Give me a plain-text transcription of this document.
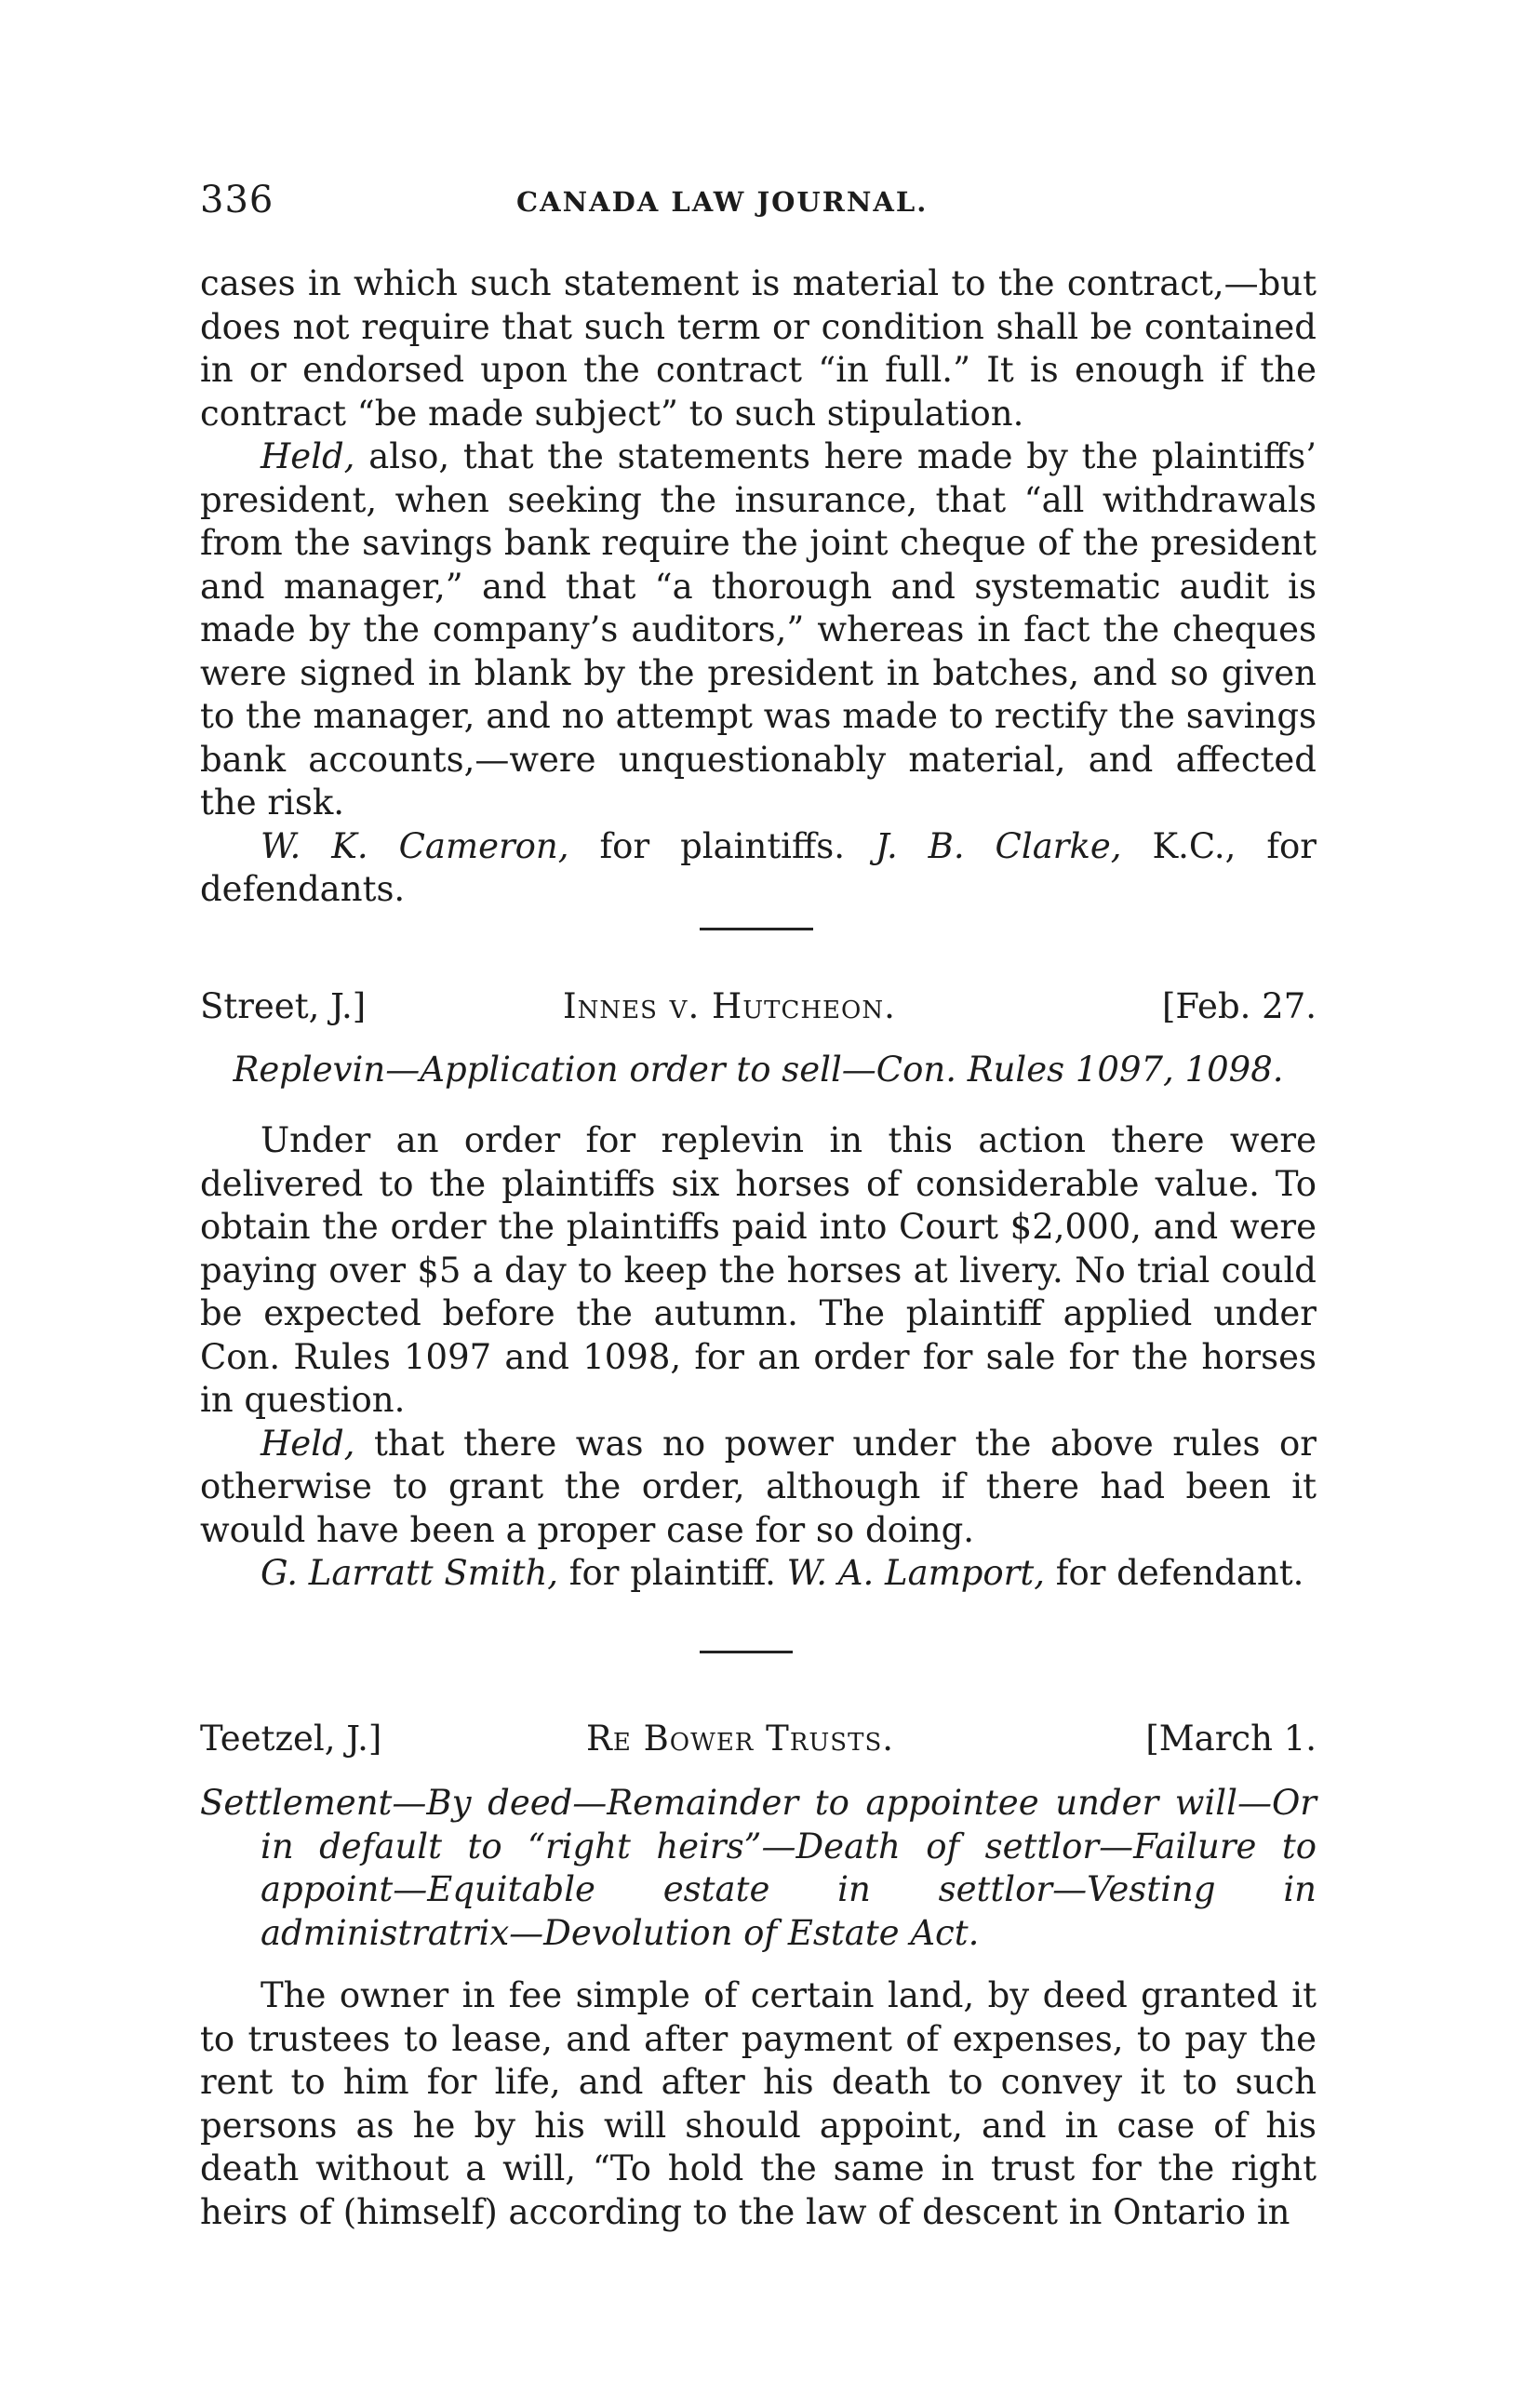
336	CANADA LAW JOURNAL.

cases in which such statement is material to the contract,—but does not require that such term or condition shall be contained in or endorsed upon the contract “in full.” It is enough if the contract “be made subject” to such stipulation.

Held, also, that the statements here made by the plaintiffs’ president, when seeking the insurance, that “all withdrawals from the savings bank require the joint cheque of the president and manager,” and that “a thorough and systematic audit is made by the company’s auditors,” whereas in fact the cheques were signed in blank by the president in batches, and so given to the manager, and no attempt was made to rectify the savings bank accounts,—were unquestionably material, and affected the risk.

W. K. Cameron, for plaintiffs. J. B. Clarke, K.C., for defendants.

Street, J.]	Innes v. Hutcheon.	[Feb. 27.
Replevin—Application order to sell—Con. Rules 1097, 1098.

Under an order for replevin in this action there were delivered to the plaintiffs six horses of considerable value. To obtain the order the plaintiffs paid into Court $2,000, and were paying over $5 a day to keep the horses at livery. No trial could be expected before the autumn. The plaintiff applied under Con. Rules 1097 and 1098, for an order for sale for the horses in question.

Held, that there was no power under the above rules or otherwise to grant the order, although if there had been it would have been a proper case for so doing.

G. Larratt Smith, for plaintiff. W. A. Lamport, for defendant.

Teetzel, J.]	Re Bower Trusts.	[March 1.

Settlement—By deed—Remainder to appointee under will—Or in default to “right heirs”—Death of settlor—Failure to appoint—Equitable estate in settlor—Vesting in administratrix—Devolution of Estate Act.

The owner in fee simple of certain land, by deed granted it to trustees to lease, and after payment of expenses, to pay the rent to him for life, and after his death to convey it to such persons as he by his will should appoint, and in case of his death without a will, “To hold the same in trust for the right heirs of (himself) according to the law of descent in Ontario in
